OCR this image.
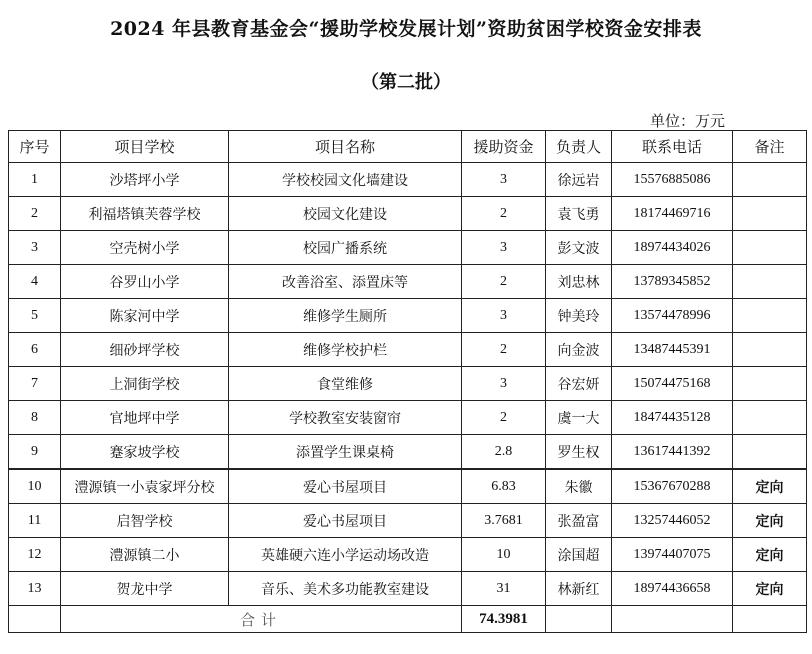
2024 年县教育基金会“援助学校发展计划”资助贫困学校资金安排表
（第二批）
单位：万元
序号	项目学校	项目名称	援助资金	负责人	联系电话	备注
1	沙塔坪小学	学校校园文化墙建设	3	徐远岩	15576885086	
2	利福塔镇芙蓉学校	校园文化建设	2	袁飞勇	18174469716	
3	空壳树小学	校园广播系统	3	彭文波	18974434026	
4	谷罗山小学	改善浴室、添置床等	2	刘忠林	13789345852	
5	陈家河中学	维修学生厕所	3	钟美玲	13574478996	
6	细砂坪学校	维修学校护栏	2	向金波	13487445391	
7	上洞街学校	食堂维修	3	谷宏妍	15074475168	
8	官地坪中学	学校教室安装窗帘	2	虞一大	18474435128	
9	蹇家坡学校	添置学生课桌椅	2.8	罗生权	13617441392	
10	澧源镇一小袁家坪分校	爱心书屋项目	6.83	朱徽	15367670288	定向
11	启智学校	爱心书屋项目	3.7681	张盈富	13257446052	定向
12	澧源镇二小	英雄硬六连小学运动场改造	10	涂国超	13974407075	定向
13	贺龙中学	音乐、美术多功能教室建设	31	林新红	18974436658	定向
	合计		74.3981			
